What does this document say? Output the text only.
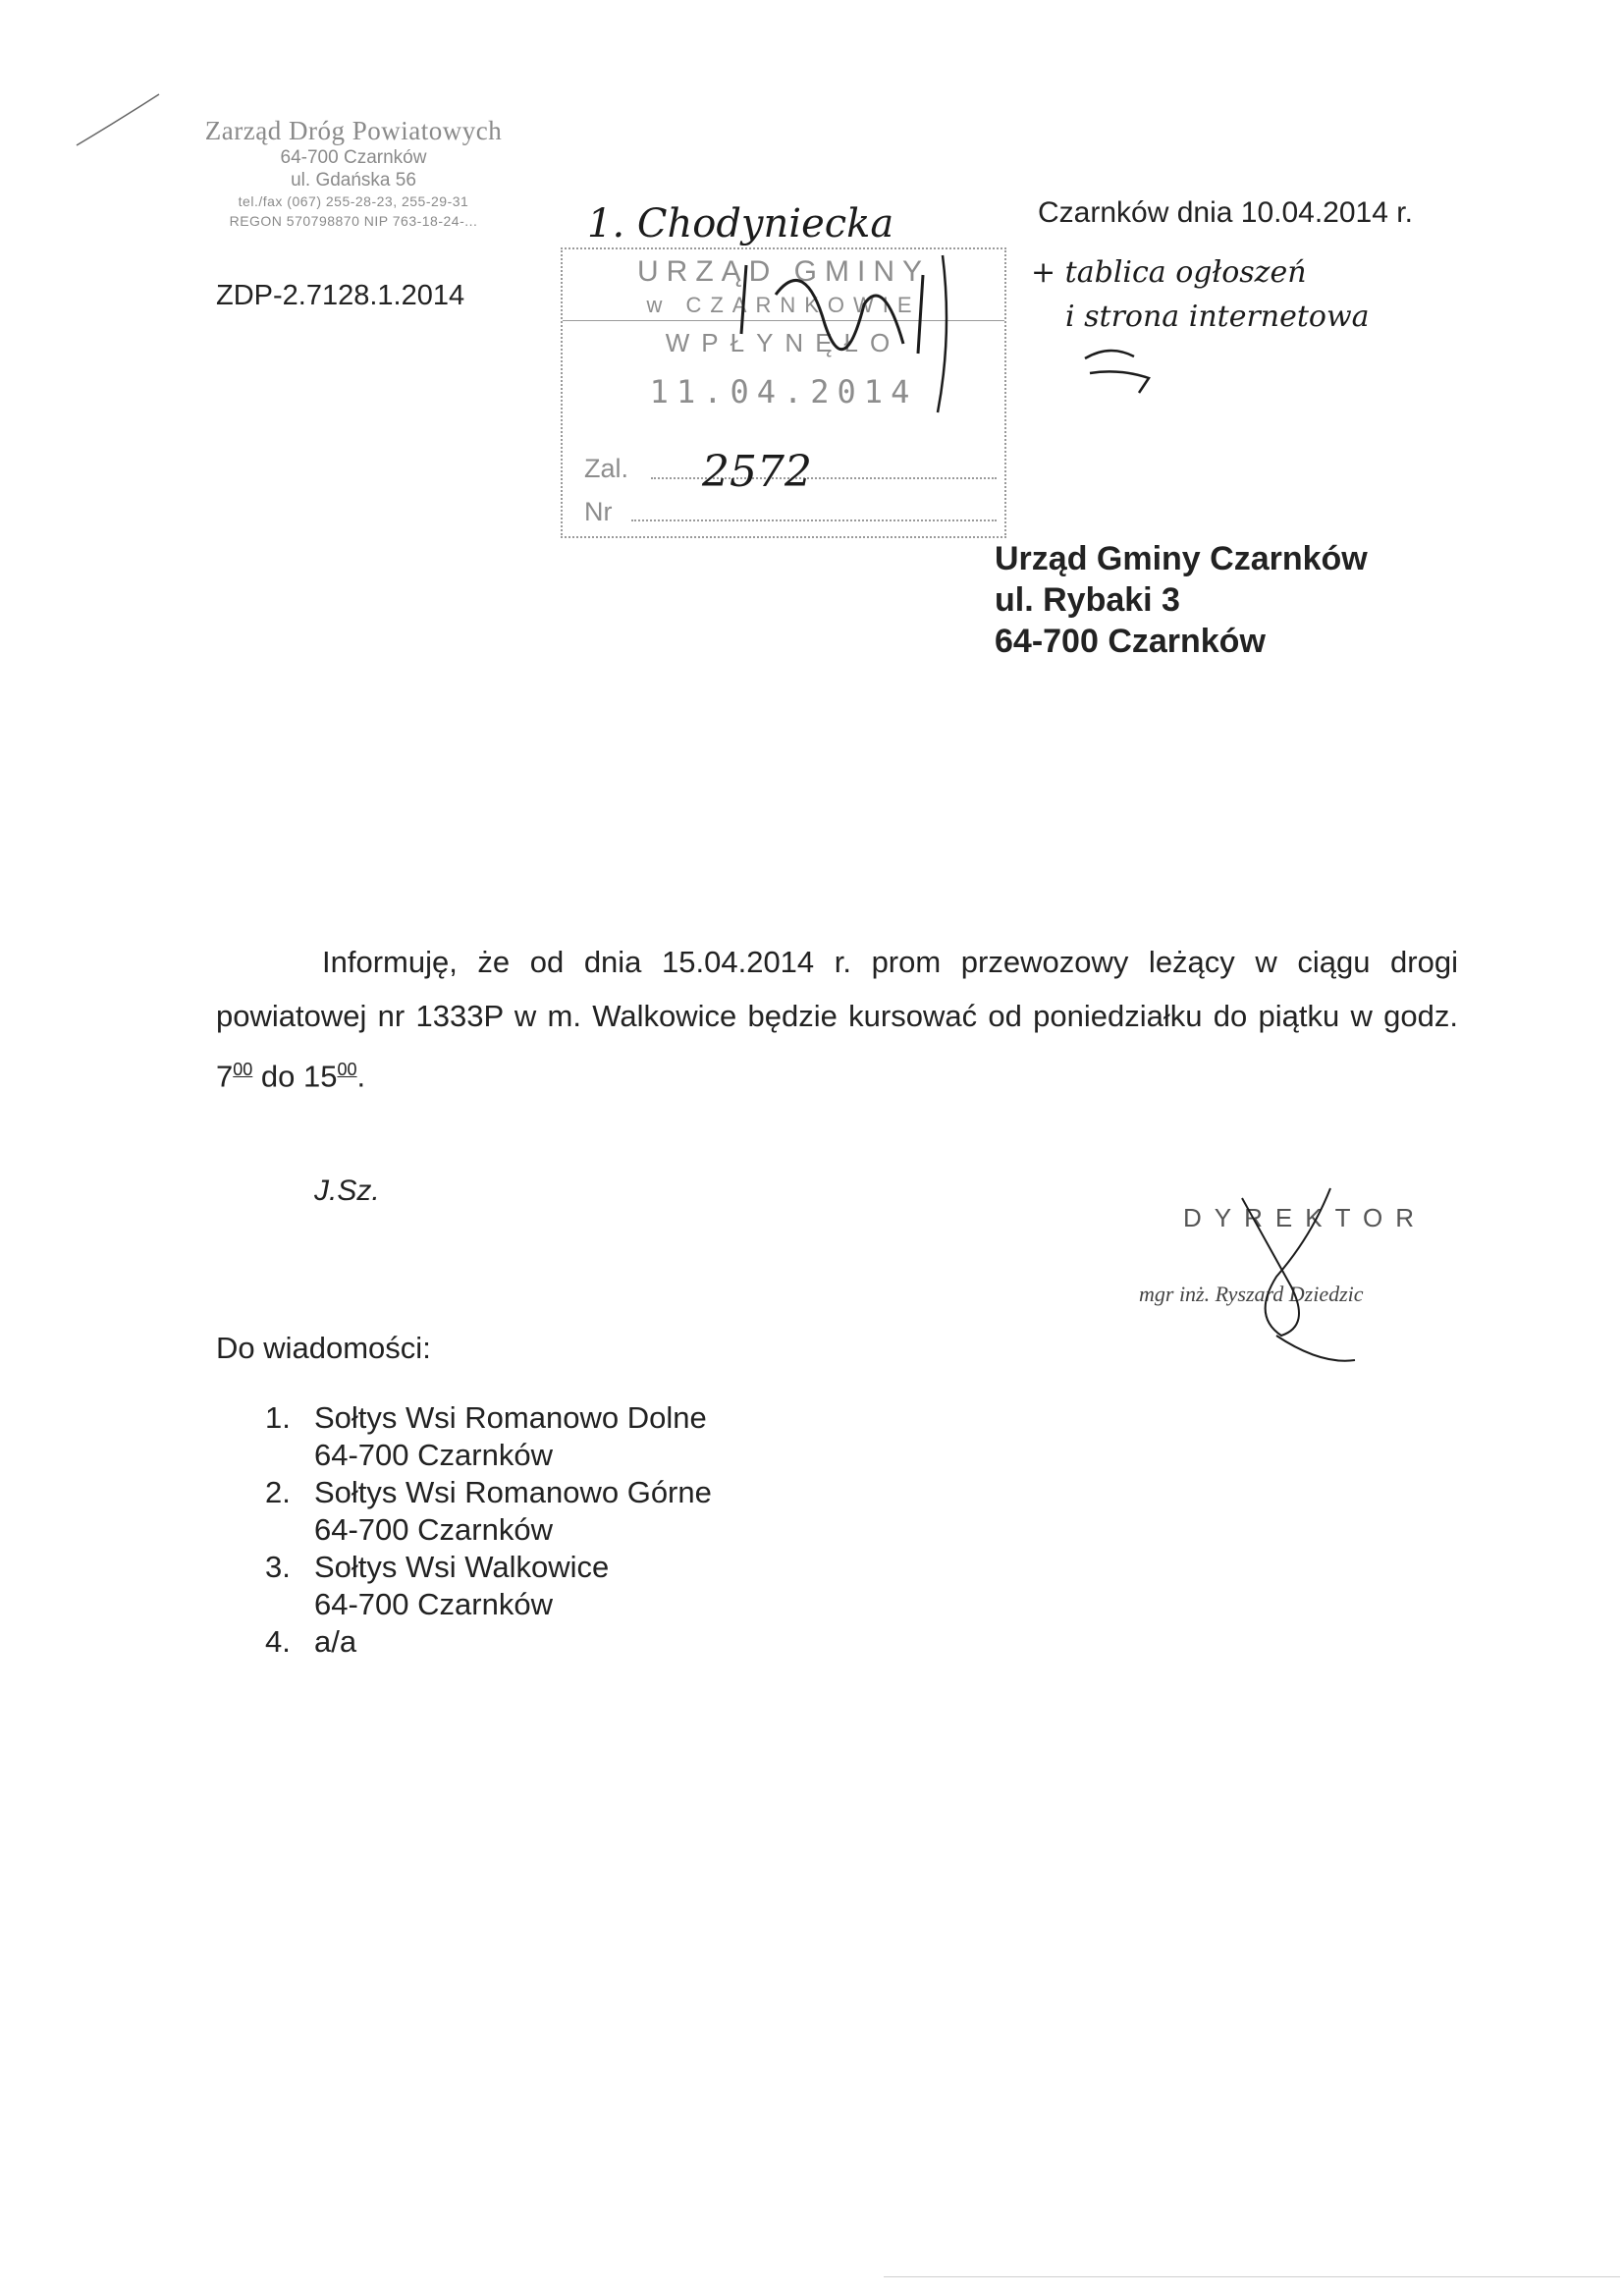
Zarząd Dróg Powiatowych
64-700 Czarnków
ul. Gdańska 56
tel./fax (067) 255-28-23, 255-29-31
REGON 570798870 NIP 763-18-24-...
ZDP-2.7128.1.2014
Czarnków dnia 10.04.2014 r.
URZĄD GMINY
w CZARNKOWIE
WPŁYNĘŁO
11.04.2014
Zal.
Nr
2572
1. Chodyniecka
+ tablica ogłoszeń
i strona internetowa
Urząd Gminy Czarnków
ul. Rybaki 3
64-700 Czarnków
Informuję, że od dnia 15.04.2014 r. prom przewozowy leżący w ciągu drogi powiatowej nr 1333P w m. Walkowice będzie kursować od poniedziałku do piątku w godz. $7^{00}$ do $15^{00}$.
J.Sz.
DYREKTOR
mgr inż. Ryszard Dziedzic
Do wiadomości:
1. Sołtys Wsi Romanowo Dolne
64-700 Czarnków
2. Sołtys Wsi Romanowo Górne
64-700 Czarnków
3. Sołtys Wsi Walkowice
64-700 Czarnków
4. a/a
